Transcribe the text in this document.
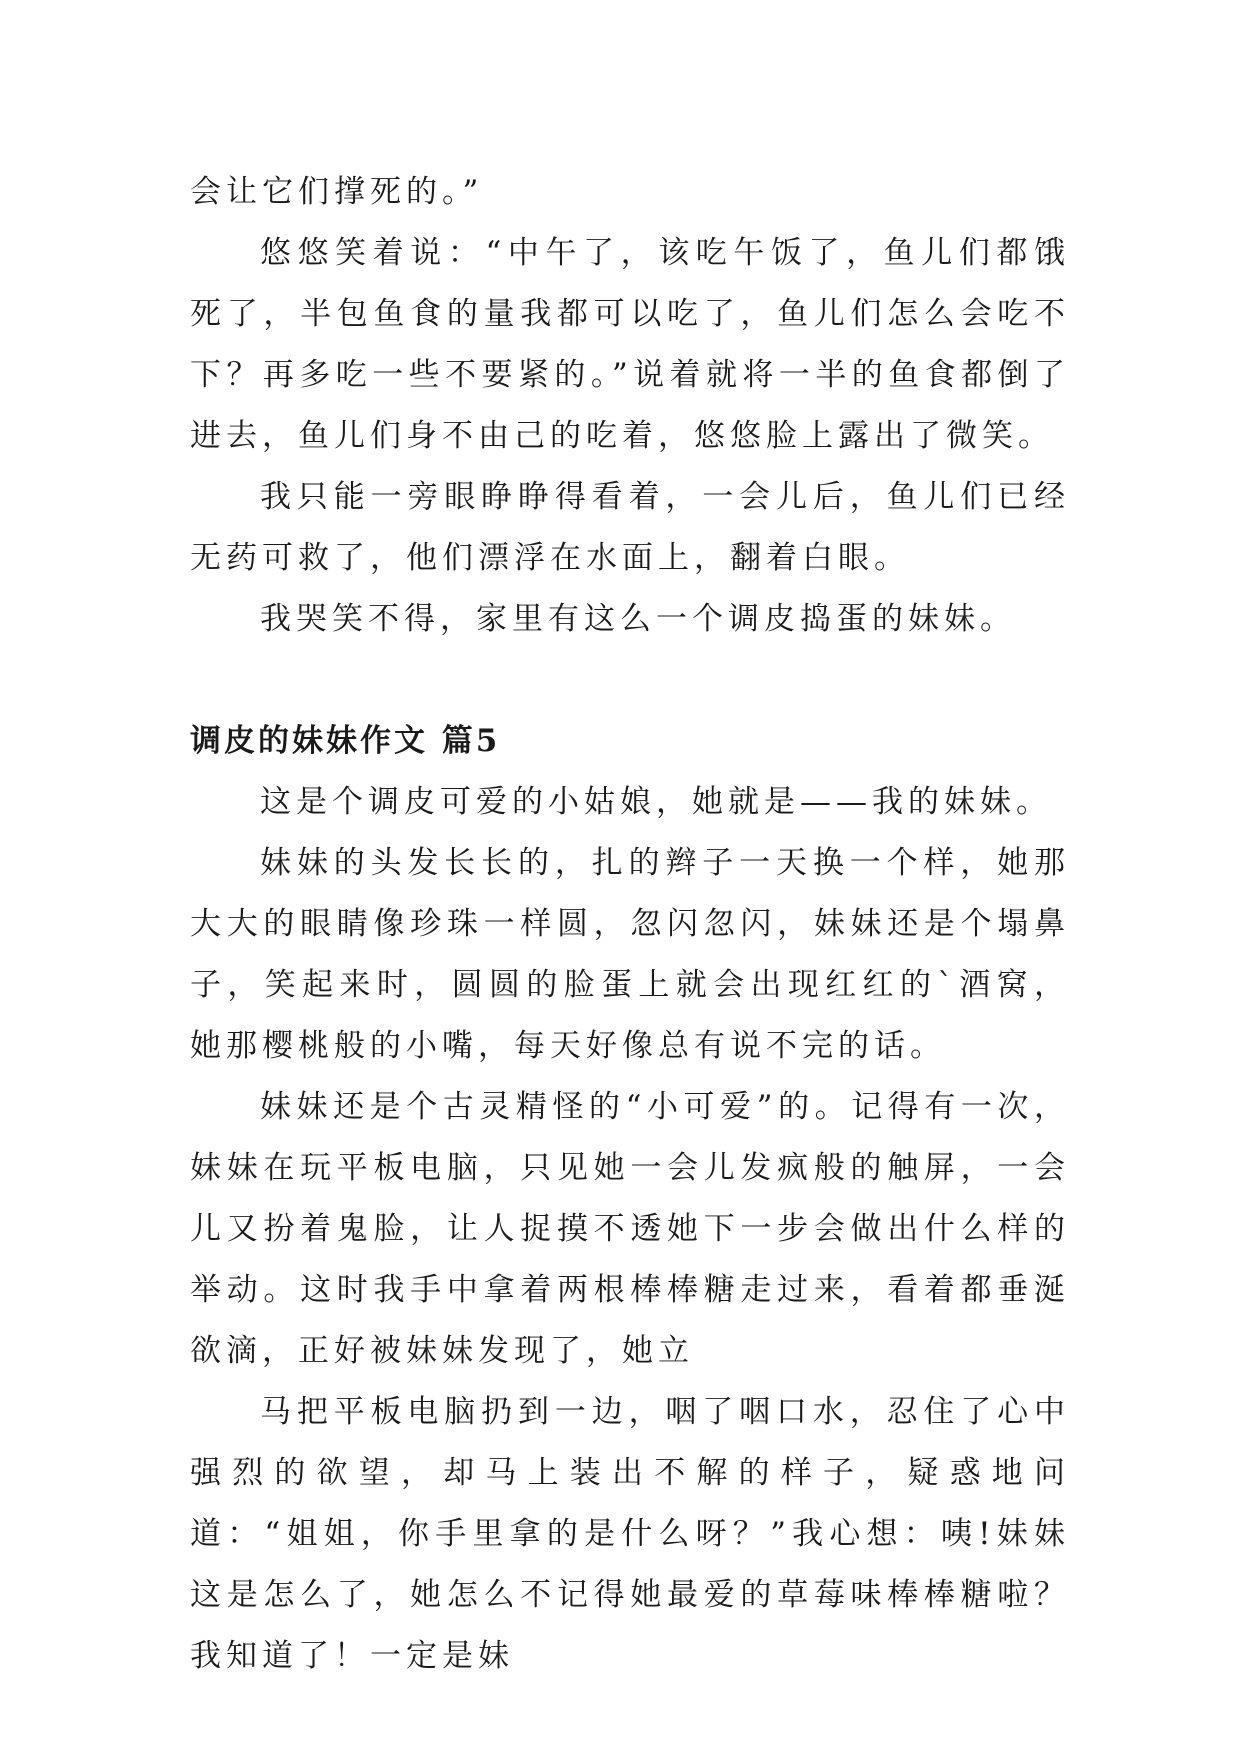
会让它们撑死的。”

悠悠笑着说：“中午了，该吃午饭了，鱼儿们都饿死了，半包鱼食的量我都可以吃了，鱼儿们怎么会吃不下？再多吃一些不要紧的。”说着就将一半的鱼食都倒了进去，鱼儿们身不由己的吃着，悠悠脸上露出了微笑。

我只能一旁眼睁睁得看着，一会儿后，鱼儿们已经无药可救了，他们漂浮在水面上，翻着白眼。

我哭笑不得，家里有这么一个调皮捣蛋的妹妹。

调皮的妹妹作文 篇5

这是个调皮可爱的小姑娘，她就是——我的妹妹。

妹妹的头发长长的，扎的辫子一天换一个样，她那大大的眼睛像珍珠一样圆，忽闪忽闪，妹妹还是个塌鼻子，笑起来时，圆圆的脸蛋上就会出现红红的`酒窝，她那樱桃般的小嘴，每天好像总有说不完的话。

妹妹还是个古灵精怪的“小可爱”的。记得有一次，妹妹在玩平板电脑，只见她一会儿发疯般的触屏，一会儿又扮着鬼脸，让人捉摸不透她下一步会做出什么样的举动。这时我手中拿着两根棒棒糖走过来，看着都垂涎欲滴，正好被妹妹发现了，她立

马把平板电脑扔到一边，咽了咽口水，忍住了心中强烈的欲望，却马上装出不解的样子，疑惑地问道：“姐姐，你手里拿的是什么呀？”我心想：咦!妹妹这是怎么了，她怎么不记得她最爱的草莓味棒棒糖啦？我知道了！一定是妹
